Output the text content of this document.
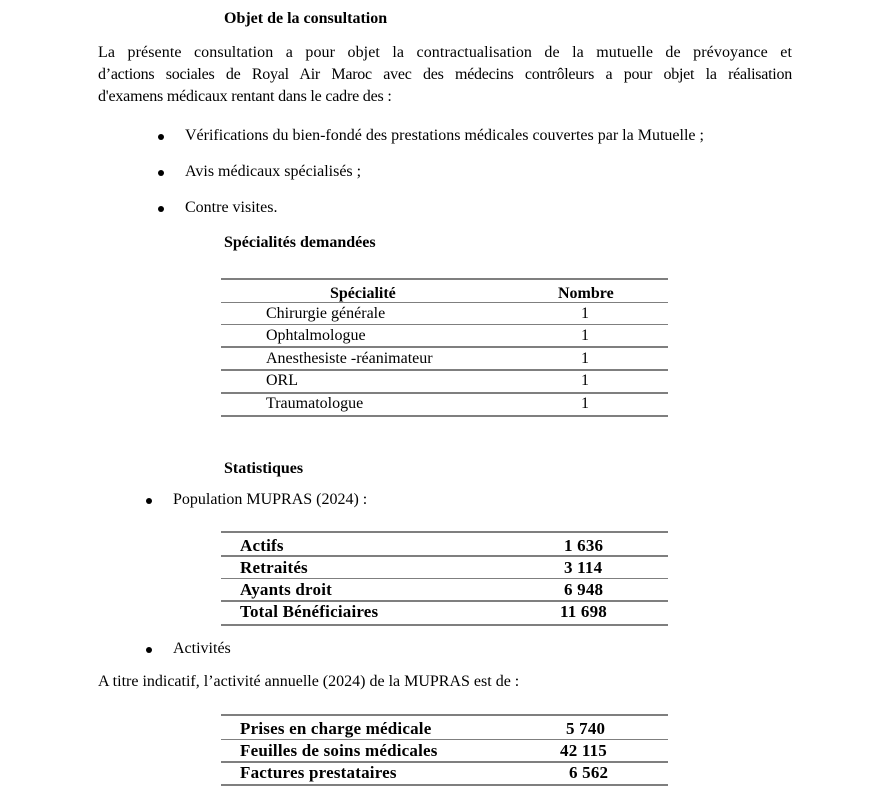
Objet de la consultation
La présente consultation a pour objet la contractualisation de la mutuelle de prévoyance et
d’actions sociales de Royal Air Maroc avec des médecins contrôleurs a pour objet la réalisation
d'examens médicaux rentant dans le cadre des :
Vérifications du bien-fondé des prestations médicales couvertes par la Mutuelle ;
Avis médicaux spécialisés ;
Contre visites.
Spécialités demandées
Spécialité	Nombre
Chirurgie générale	1
Ophtalmologue	1
Anesthesiste -réanimateur	1
ORL	1
Traumatologue	1
Statistiques
Population MUPRAS (2024) :
Actifs	1 636
Retraités	3 114
Ayants droit	6 948
Total Bénéficiaires	11 698
Activités
A titre indicatif, l’activité annuelle (2024) de la MUPRAS est de :
Prises en charge médicale	5 740
Feuilles de soins médicales	42 115
Factures prestataires	6 562
